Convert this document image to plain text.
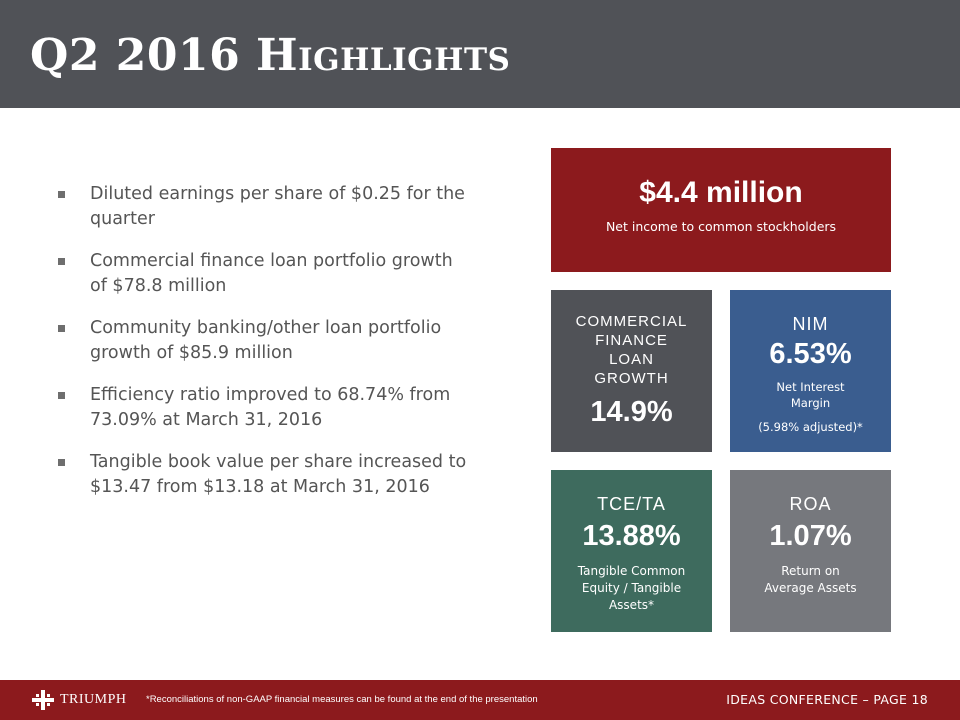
Q2 2016 Highlights
Diluted earnings per share of $0.25 for the quarter
Commercial finance loan portfolio growth of $78.8 million
Community banking/other loan portfolio growth of $85.9 million
Efficiency ratio improved to 68.74% from 73.09% at March 31, 2016
Tangible book value per share increased to $13.47 from $13.18 at March 31, 2016
$4.4 million
Net income to common stockholders
COMMERCIAL
FINANCE
LOAN
GROWTH
14.9%
NIM
6.53%
Net Interest
Margin
(5.98% adjusted)*
TCE/TA
13.88%
Tangible Common
Equity / Tangible
Assets*
ROA
1.07%
Return on
Average Assets
TRIUMPH *Reconciliations of non-GAAP financial measures can be found at the end of the presentation	IDEAS CONFERENCE – PAGE 18
